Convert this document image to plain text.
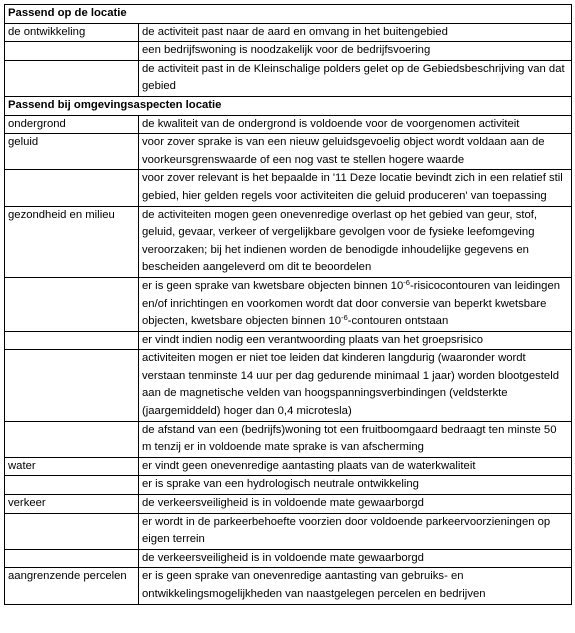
Passend op de locatie	
de ontwikkeling	de activiteit past naar de aard en omvang in het buitengebied
	een bedrijfswoning is noodzakelijk voor de bedrijfsvoering
	de activiteit past in de Kleinschalige polders gelet op de Gebiedsbeschrijving van dat gebied
Passend bij omgevingsaspecten locatie	
ondergrond	de kwaliteit van de ondergrond is voldoende voor de voorgenomen activiteit
geluid	voor zover sprake is van een nieuw geluidsgevoelig object wordt voldaan aan de voorkeursgrenswaarde of een nog vast te stellen hogere waarde
	voor zover relevant is het bepaalde in '11 Deze locatie bevindt zich in een relatief stil gebied, hier gelden regels voor activiteiten die geluid produceren' van toepassing
gezondheid en milieu	de activiteiten mogen geen onevenredige overlast op het gebied van geur, stof, geluid, gevaar, verkeer of vergelijkbare gevolgen voor de fysieke leefomgeving veroorzaken; bij het indienen worden de benodigde inhoudelijke gegevens en bescheiden aangeleverd om dit te beoordelen
	er is geen sprake van kwetsbare objecten binnen $10^{-6}$-risicocontouren van leidingen en/of inrichtingen en voorkomen wordt dat door conversie van beperkt kwetsbare objecten, kwetsbare objecten binnen $10^{-6}$-contouren ontstaan
	er vindt indien nodig een verantwoording plaats van het groepsrisico
	activiteiten mogen er niet toe leiden dat kinderen langdurig (waaronder wordt verstaan tenminste 14 uur per dag gedurende minimaal 1 jaar) worden blootgesteld aan de magnetische velden van hoogspanningsverbindingen (veldsterkte (jaargemiddeld) hoger dan 0,4 microtesla)
	de afstand van een (bedrijfs)woning tot een fruitboomgaard bedraagt ten minste 50 m tenzij er in voldoende mate sprake is van afscherming
water	er vindt geen onevenredige aantasting plaats van de waterkwaliteit
	er is sprake van een hydrologisch neutrale ontwikkeling
verkeer	de verkeersveiligheid is in voldoende mate gewaarborgd
	er wordt in de parkeerbehoefte voorzien door voldoende parkeervoorzieningen op eigen terrein
	de verkeersveiligheid is in voldoende mate gewaarborgd
aangrenzende percelen	er is geen sprake van onevenredige aantasting van gebruiks- en ontwikkelingsmogelijkheden van naastgelegen percelen en bedrijven
